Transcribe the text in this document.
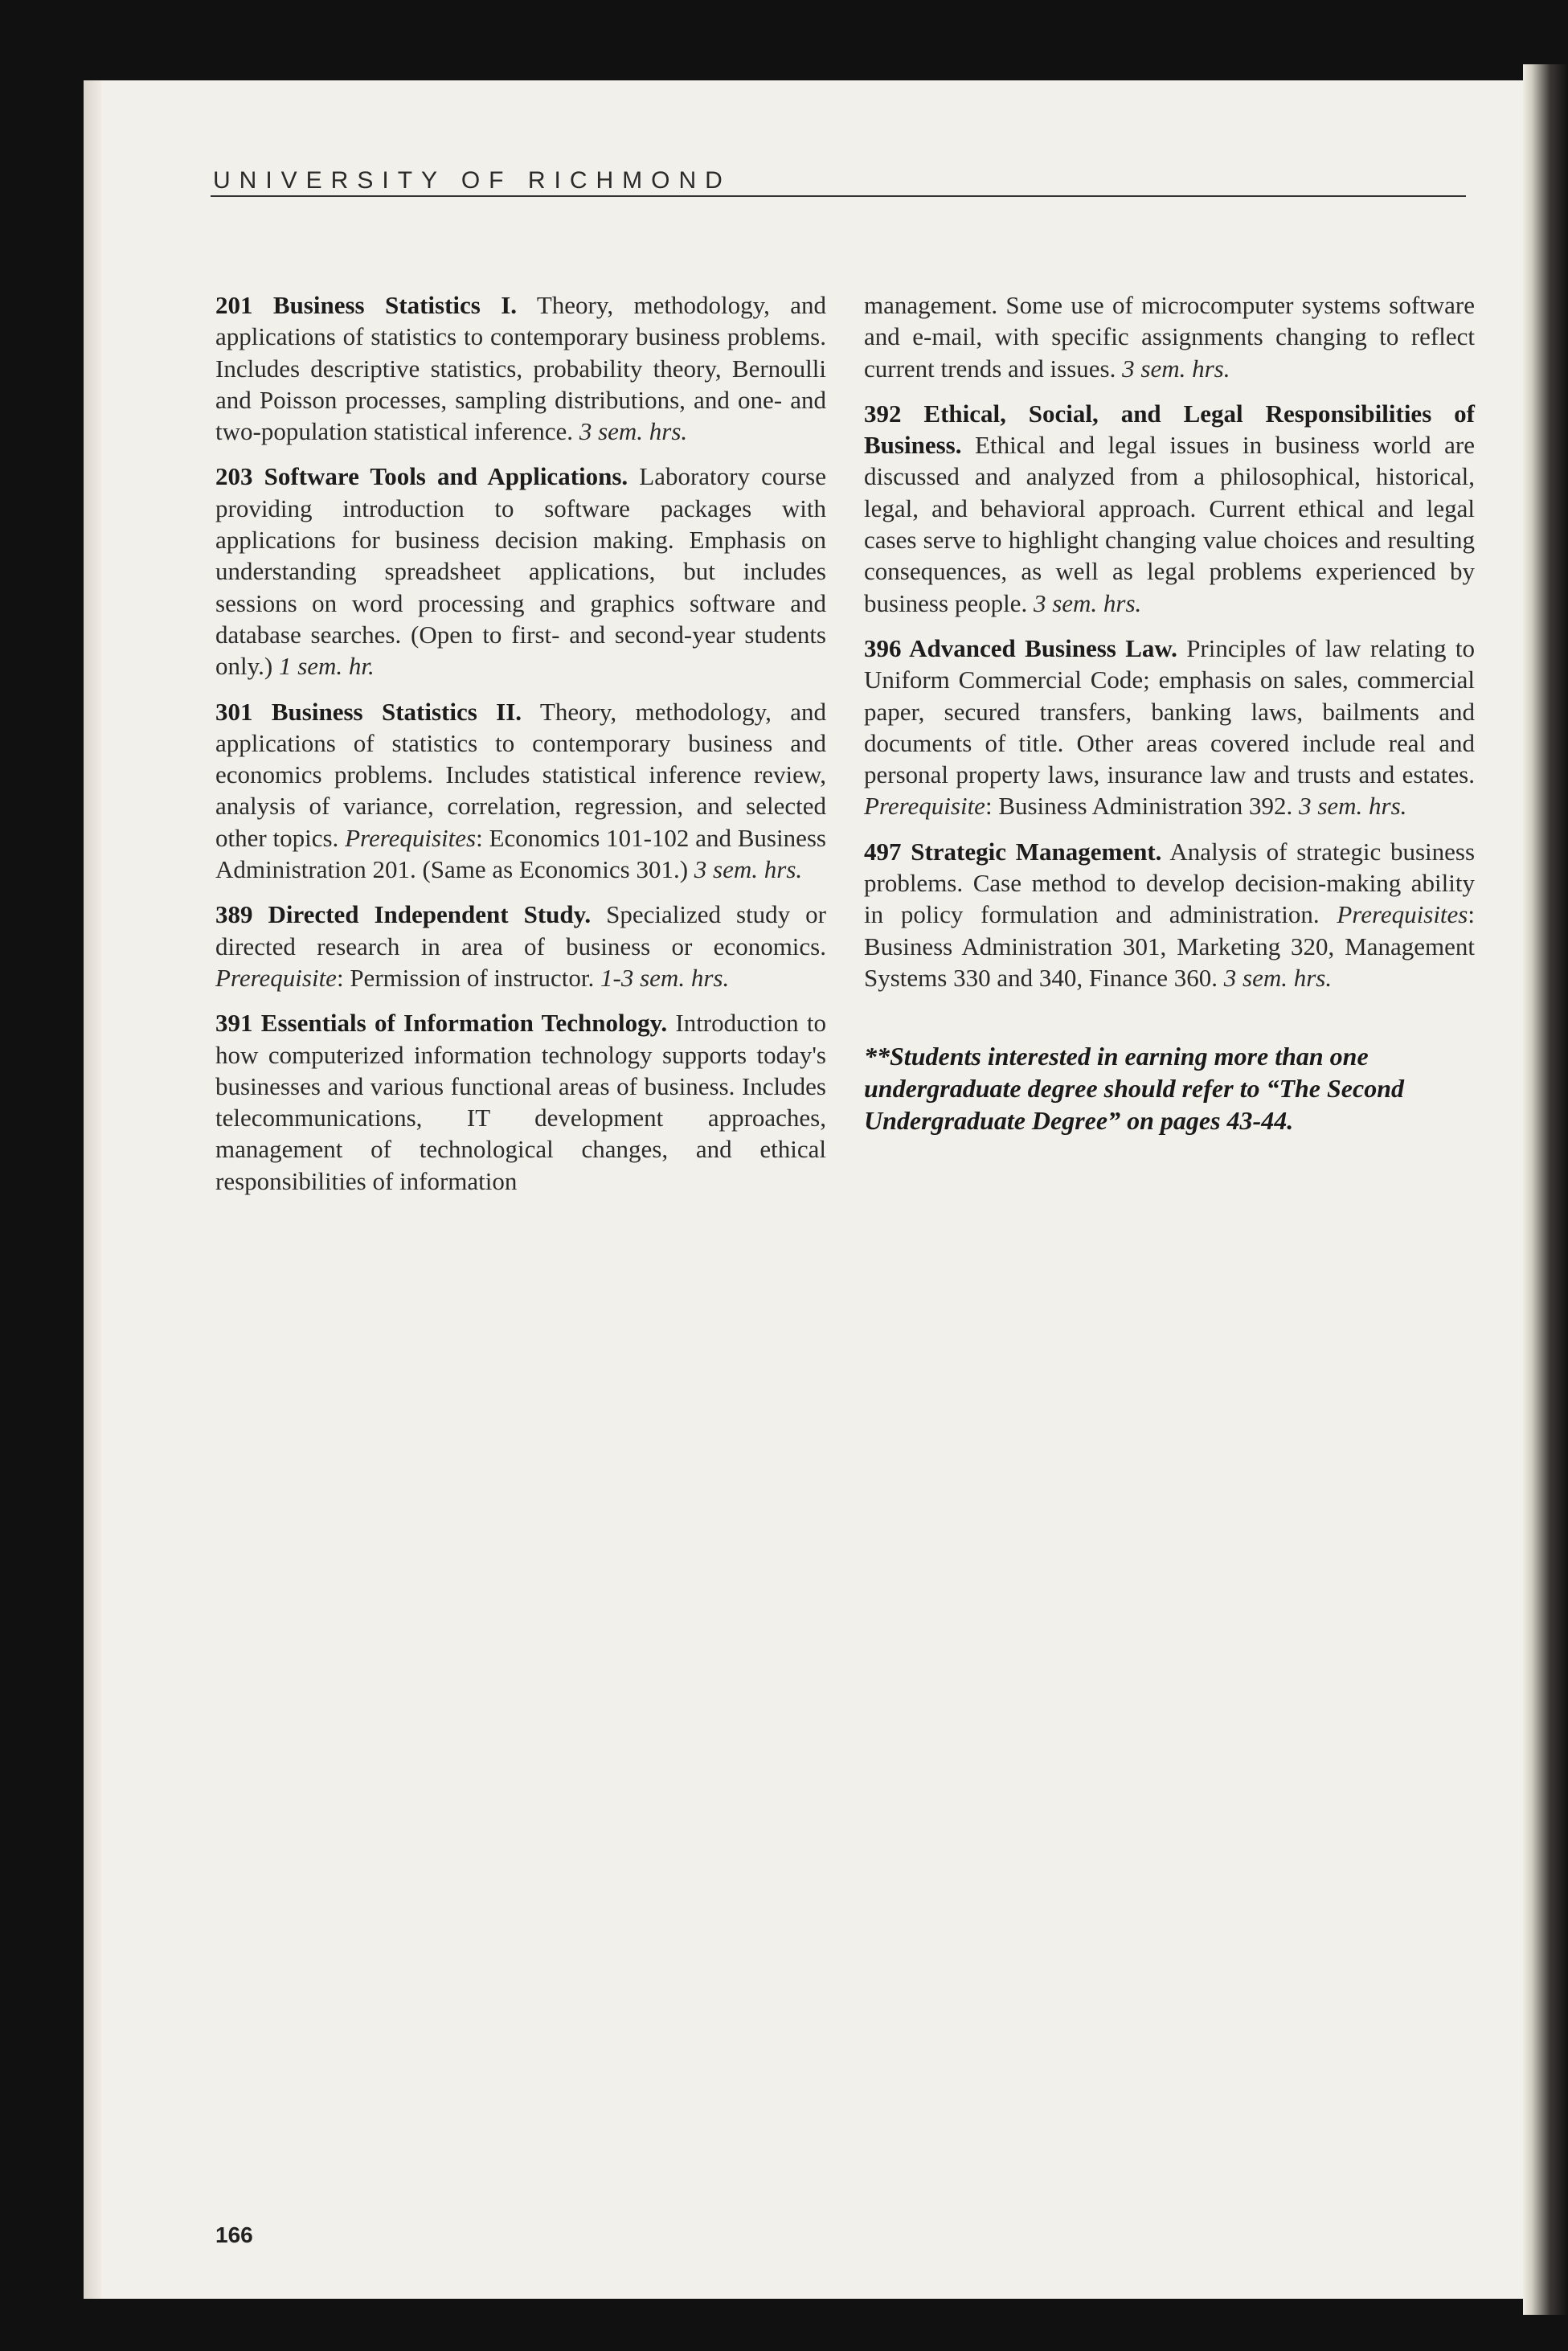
UNIVERSITY OF RICHMOND

201 Business Statistics I. Theory, methodology, and applications of statistics to contemporary business problems. Includes descriptive statistics, probability theory, Bernoulli and Poisson processes, sampling distributions, and one- and two-population statistical inference. 3 sem. hrs.

203 Software Tools and Applications. Laboratory course providing introduction to software packages with applications for business decision making. Emphasis on understanding spreadsheet applications, but includes sessions on word processing and graphics software and database searches. (Open to first- and second-year students only.) 1 sem. hr.

301 Business Statistics II. Theory, methodology, and applications of statistics to contemporary business and economics problems. Includes statistical inference review, analysis of variance, correlation, regression, and selected other topics. Prerequisites: Economics 101-102 and Business Administration 201. (Same as Economics 301.) 3 sem. hrs.

389 Directed Independent Study. Specialized study or directed research in area of business or economics. Prerequisite: Permission of instructor. 1-3 sem. hrs.

391 Essentials of Information Technology. Introduction to how computerized information technology supports today's businesses and various functional areas of business. Includes telecommunications, IT development approaches, management of technological changes, and ethical responsibilities of information

management. Some use of microcomputer systems software and e-mail, with specific assignments changing to reflect current trends and issues. 3 sem. hrs.

392 Ethical, Social, and Legal Responsibilities of Business. Ethical and legal issues in business world are discussed and analyzed from a philosophical, historical, legal, and behavioral approach. Current ethical and legal cases serve to highlight changing value choices and resulting consequences, as well as legal problems experienced by business people. 3 sem. hrs.

396 Advanced Business Law. Principles of law relating to Uniform Commercial Code; emphasis on sales, commercial paper, secured transfers, banking laws, bailments and documents of title. Other areas covered include real and personal property laws, insurance law and trusts and estates. Prerequisite: Business Administration 392. 3 sem. hrs.

497 Strategic Management. Analysis of strategic business problems. Case method to develop decision-making ability in policy formulation and administration. Prerequisites: Business Administration 301, Marketing 320, Management Systems 330 and 340, Finance 360. 3 sem. hrs.

**Students interested in earning more than one undergraduate degree should refer to “The Second Undergraduate Degree” on pages 43-44.

166
